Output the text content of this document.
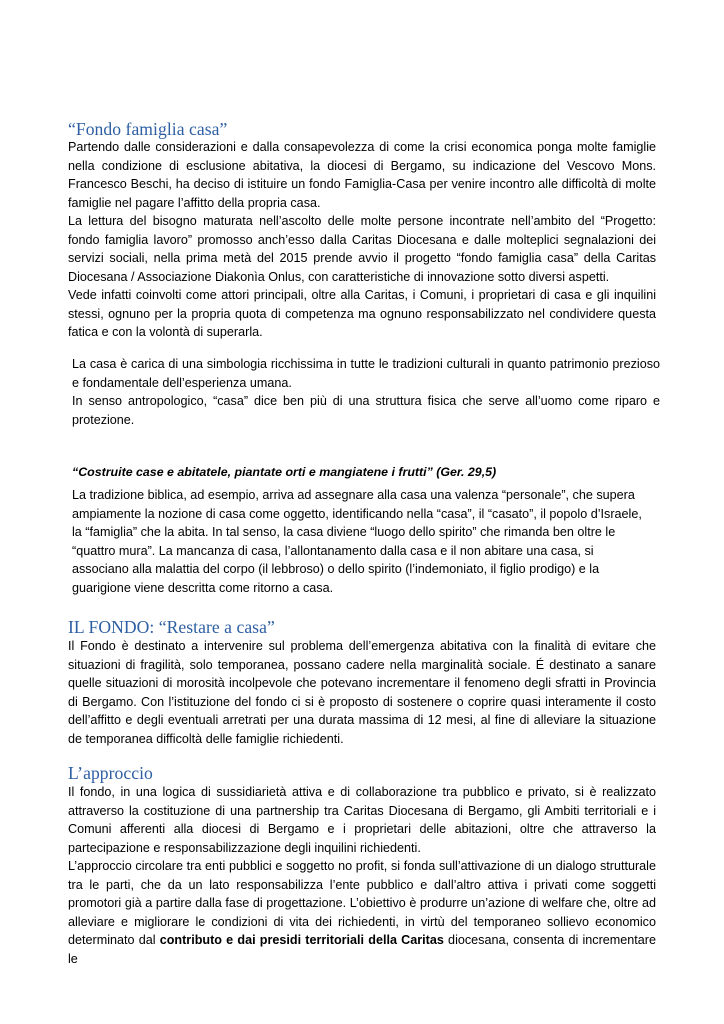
“Fondo famiglia casa”

Partendo dalle considerazioni e dalla consapevolezza di come la crisi economica ponga molte famiglie nella condizione di esclusione abitativa, la diocesi di Bergamo, su indicazione del Vescovo Mons. Francesco Beschi, ha deciso di istituire un fondo Famiglia-Casa per venire incontro alle difficoltà di molte famiglie nel pagare l’affitto della propria casa.

La lettura del bisogno maturata nell’ascolto delle molte persone incontrate nell’ambito del “Progetto: fondo famiglia lavoro” promosso anch’esso dalla Caritas Diocesana e dalle molteplici segnalazioni dei servizi sociali, nella prima metà del 2015 prende avvio il progetto “fondo famiglia casa” della Caritas Diocesana / Associazione Diakonìa Onlus, con caratteristiche di innovazione sotto diversi aspetti.

Vede infatti coinvolti come attori principali, oltre alla Caritas, i Comuni, i proprietari di casa e gli inquilini stessi, ognuno per la propria quota di competenza ma ognuno responsabilizzato nel condividere questa fatica e con la volontà di superarla.

La casa è carica di una simbologia ricchissima in tutte le tradizioni culturali in quanto patrimonio prezioso e fondamentale dell’esperienza umana.

In senso antropologico, “casa” dice ben più di una struttura fisica che serve all’uomo come riparo e protezione.

“Costruite case e abitatele, piantate orti e mangiatene i frutti” (Ger. 29,5)

La tradizione biblica, ad esempio, arriva ad assegnare alla casa una valenza “personale”, che supera ampiamente la nozione di casa come oggetto, identificando nella “casa”, il “casato”, il popolo d’Israele, la “famiglia” che la abita. In tal senso, la casa diviene “luogo dello spirito” che rimanda ben oltre le “quattro mura”. La mancanza di casa, l’allontanamento dalla casa e il non abitare una casa, si associano alla malattia del corpo (il lebbroso) o dello spirito (l’indemoniato, il figlio prodigo) e la guarigione viene descritta come ritorno a casa.

IL FONDO: “Restare a casa”

Il Fondo è destinato a intervenire sul problema dell’emergenza abitativa con la finalità di evitare che situazioni di fragilità, solo temporanea, possano cadere nella marginalità sociale. É destinato a sanare quelle situazioni di morosità incolpevole che potevano incrementare il fenomeno degli sfratti in Provincia di Bergamo. Con l’istituzione del fondo ci si è proposto di sostenere o coprire quasi interamente il costo dell’affitto e degli eventuali arretrati per una durata massima di 12 mesi, al fine di alleviare la situazione de temporanea difficoltà delle famiglie richiedenti.

L’approccio

Il fondo, in una logica di sussidiarietà attiva e di collaborazione tra pubblico e privato, si è realizzato attraverso la costituzione di una partnership tra Caritas Diocesana di Bergamo, gli Ambiti territoriali e i Comuni afferenti alla diocesi di Bergamo e i proprietari delle abitazioni, oltre che attraverso la partecipazione e responsabilizzazione degli inquilini richiedenti.

L’approccio circolare tra enti pubblici e soggetto no profit, si fonda sull’attivazione di un dialogo strutturale tra le parti, che da un lato responsabilizza l’ente pubblico e dall’altro attiva i privati come soggetti promotori già a partire dalla fase di progettazione. L’obiettivo è produrre un’azione di welfare che, oltre ad alleviare e migliorare le condizioni di vita dei richiedenti, in virtù del temporaneo sollievo economico determinato dal contributo e dai presidi territoriali della Caritas diocesana, consenta di incrementare le
